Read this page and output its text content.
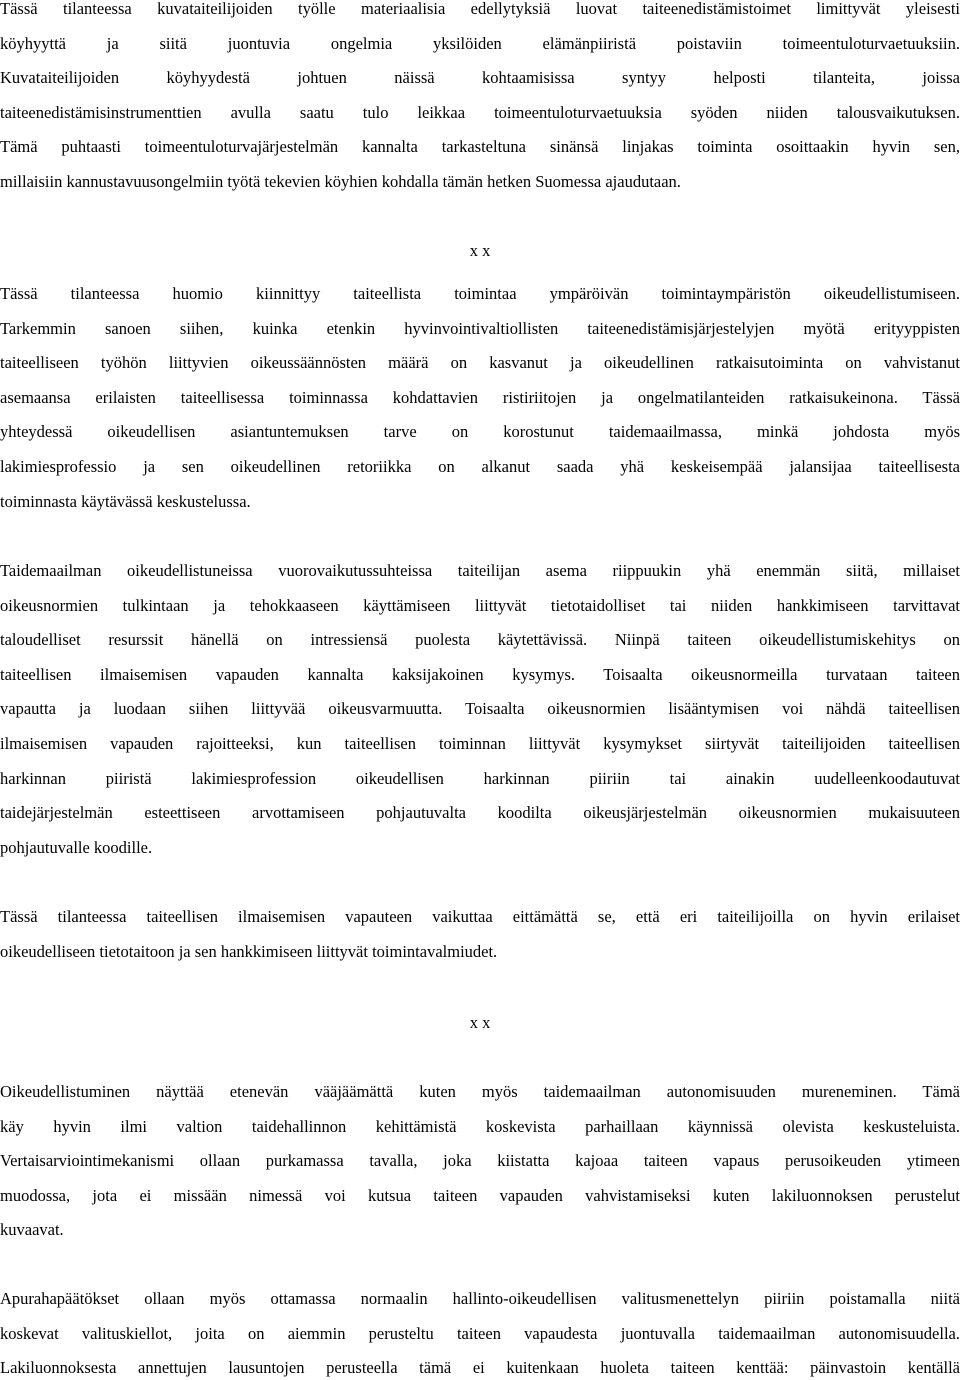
Tässä tilanteessa kuvataiteilijoiden työlle materiaalisia edellytyksiä luovat taiteenedistämistoimet limittyvät yleisesti
köyhyyttä ja siitä juontuvia ongelmia yksilöiden elämänpiiristä poistaviin toimeentuloturvaetuuksiin.
Kuvataiteilijoiden köyhyydestä johtuen näissä kohtaamisissa syntyy helposti tilanteita, joissa
taiteenedistämisinstrumenttien avulla saatu tulo leikkaa toimeentuloturvaetuuksia syöden niiden talousvaikutuksen.
Tämä puhtaasti toimeentuloturvajärjestelmän kannalta tarkasteltuna sinänsä linjakas toiminta osoittaakin hyvin sen,
millaisiin kannustavuusongelmiin työtä tekevien köyhien kohdalla tämän hetken Suomessa ajaudutaan.
x x
Tässä tilanteessa huomio kiinnittyy taiteellista toimintaa ympäröivän toimintaympäristön oikeudellistumiseen.
Tarkemmin sanoen siihen, kuinka etenkin hyvinvointivaltiollisten taiteenedistämisjärjestelyjen myötä erityyppisten
taiteelliseen työhön liittyvien oikeussäännösten määrä on kasvanut ja oikeudellinen ratkaisutoiminta on vahvistanut
asemaansa erilaisten taiteellisessa toiminnassa kohdattavien ristiriitojen ja ongelmatilanteiden ratkaisukeinona. Tässä
yhteydessä oikeudellisen asiantuntemuksen tarve on korostunut taidemaailmassa, minkä johdosta myös
lakimiesprofessio ja sen oikeudellinen retoriikka on alkanut saada yhä keskeisempää jalansijaa taiteellisesta
toiminnasta käytävässä keskustelussa.
Taidemaailman oikeudellistuneissa vuorovaikutussuhteissa taiteilijan asema riippuukin yhä enemmän siitä, millaiset
oikeusnormien tulkintaan ja tehokkaaseen käyttämiseen liittyvät tietotaidolliset tai niiden hankkimiseen tarvittavat
taloudelliset resurssit hänellä on intressiensä puolesta käytettävissä. Niinpä taiteen oikeudellistumiskehitys on
taiteellisen ilmaisemisen vapauden kannalta kaksijakoinen kysymys. Toisaalta oikeusnormeilla turvataan taiteen
vapautta ja luodaan siihen liittyvää oikeusvarmuutta. Toisaalta oikeusnormien lisääntymisen voi nähdä taiteellisen
ilmaisemisen vapauden rajoitteeksi, kun taiteellisen toiminnan liittyvät kysymykset siirtyvät taiteilijoiden taiteellisen
harkinnan piiristä lakimiesprofession oikeudellisen harkinnan piiriin tai ainakin uudelleenkoodautuvat
taidejärjestelmän esteettiseen arvottamiseen pohjautuvalta koodilta oikeusjärjestelmän oikeusnormien mukaisuuteen
pohjautuvalle koodille.
Tässä tilanteessa taiteellisen ilmaisemisen vapauteen vaikuttaa eittämättä se, että eri taiteilijoilla on hyvin erilaiset
oikeudelliseen tietotaitoon ja sen hankkimiseen liittyvät toimintavalmiudet.
x x
Oikeudellistuminen näyttää etenevän vääjäämättä kuten myös taidemaailman autonomisuuden mureneminen. Tämä
käy hyvin ilmi valtion taidehallinnon kehittämistä koskevista parhaillaan käynnissä olevista keskusteluista.
Vertaisarviointimekanismi ollaan purkamassa tavalla, joka kiistatta kajoaa taiteen vapaus perusoikeuden ytimeen
muodossa, jota ei missään nimessä voi kutsua taiteen vapauden vahvistamiseksi kuten lakiluonnoksen perustelut
kuvaavat.
Apurahapäätökset ollaan myös ottamassa normaalin hallinto-oikeudellisen valitusmenettelyn piiriin poistamalla niitä
koskevat valituskiellot, joita on aiemmin perusteltu taiteen vapaudesta juontuvalla taidemaailman autonomisuudella.
Lakiluonnoksesta annettujen lausuntojen perusteella tämä ei kuitenkaan huoleta taiteen kenttää: päinvastoin kentällä
